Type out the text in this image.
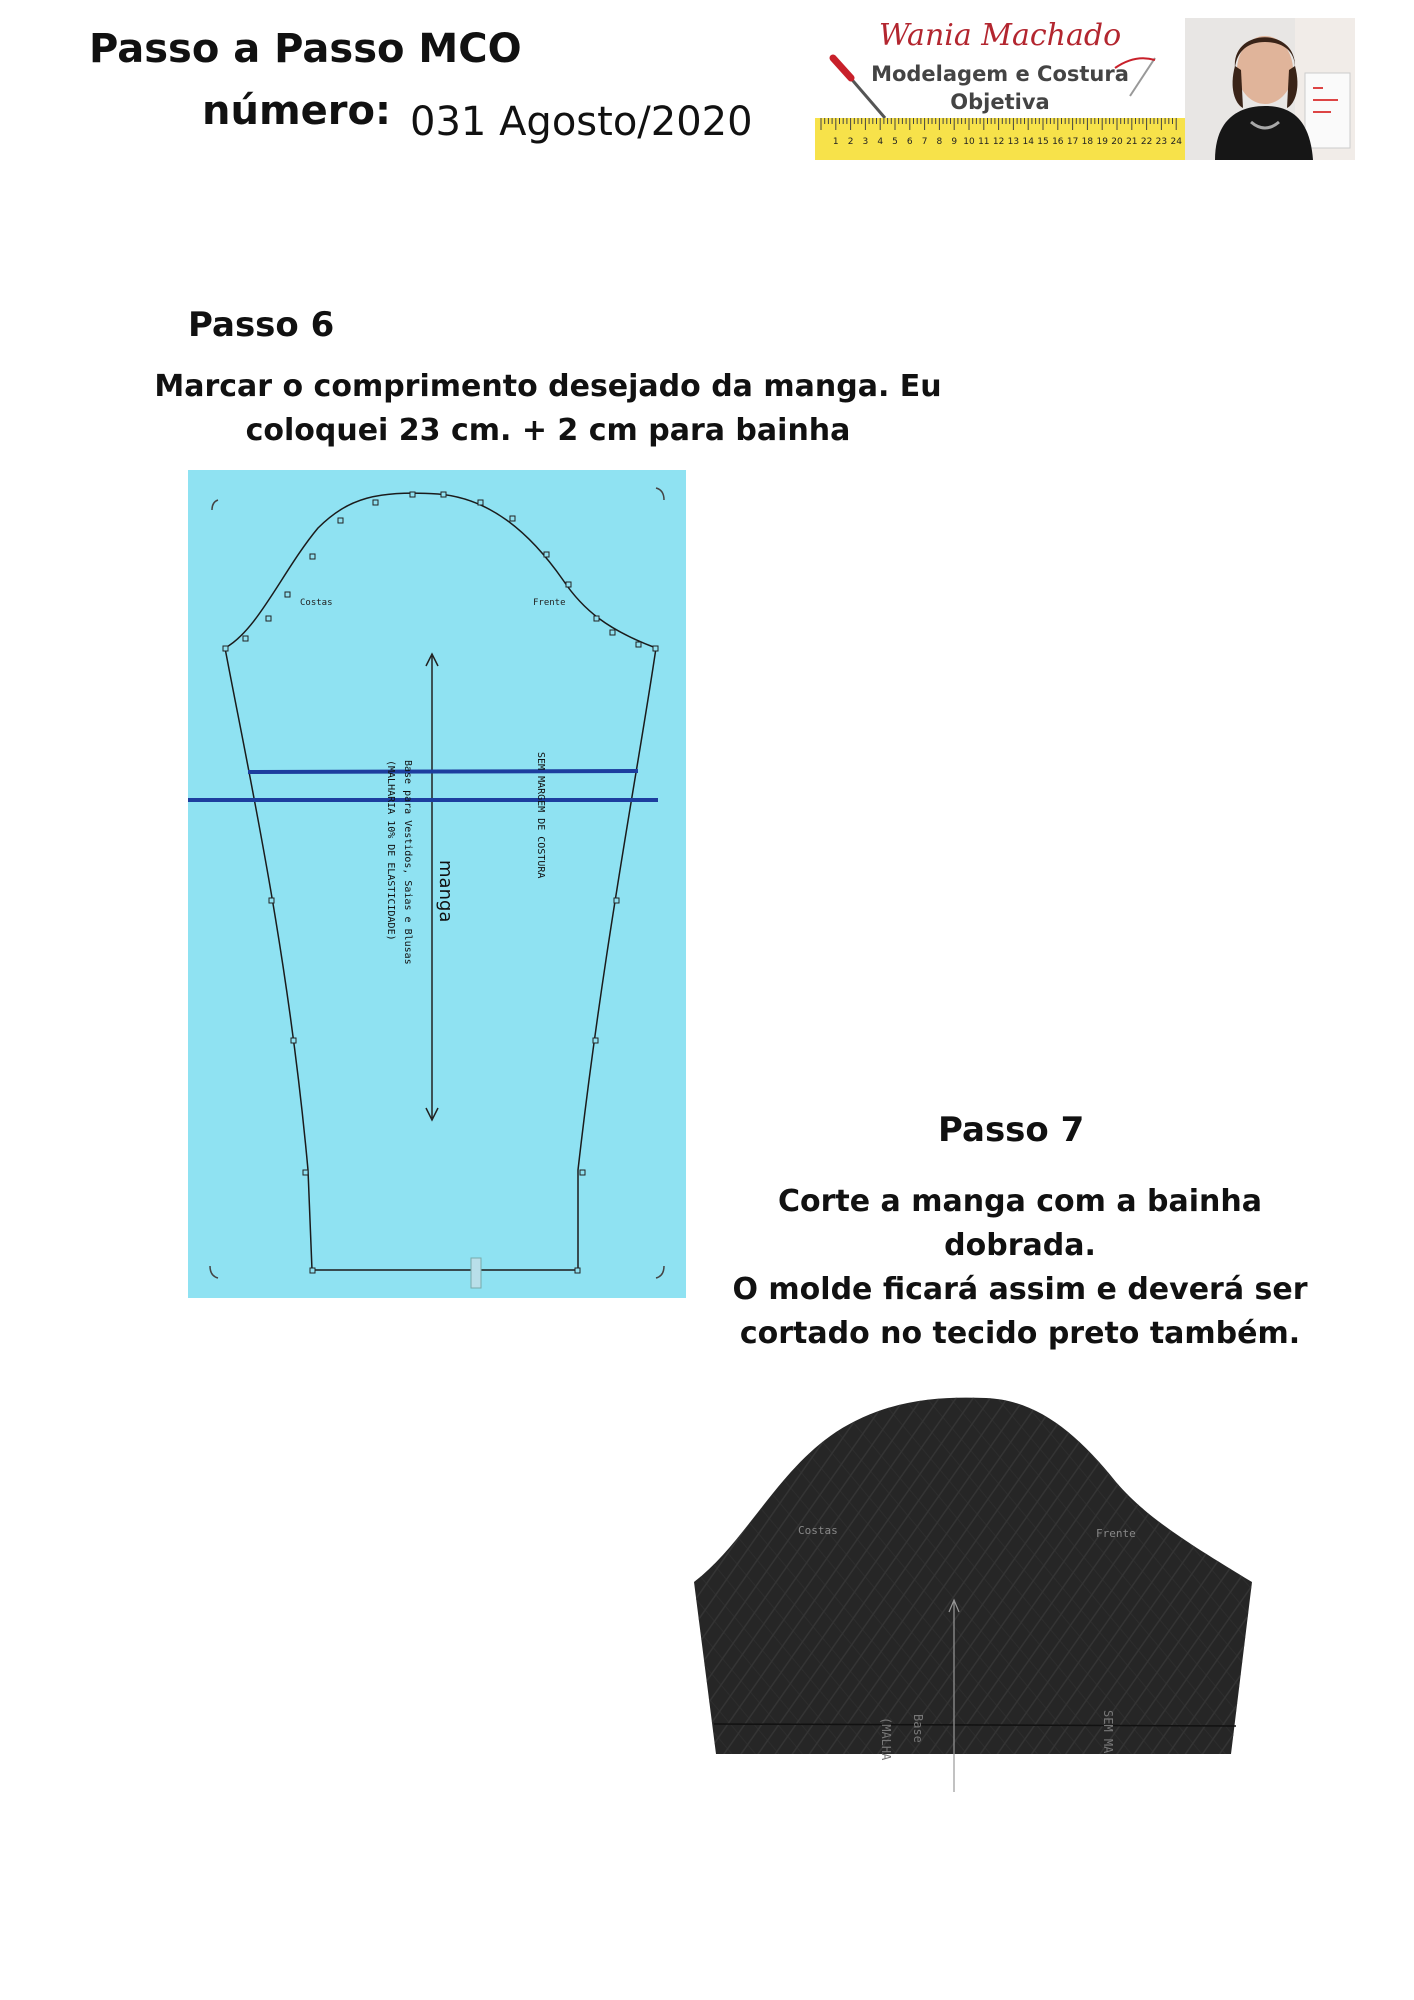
Passo a Passo MCO
número: 031 Agosto/2020
Wania Machado
Modelagem e Costura
Objetiva
1 2 3 4 5 6 7 8 9 10 11 12 13 14 15 16 17 18 19 20 21 22 23 24
Passo 6
Marcar o comprimento desejado da manga. Eu
coloquei 23 cm. + 2 cm para bainha
Costas	Frente
manga
Base para Vestidos, Saias e Blusas
(MALHARIA 10% DE ELASTICIDADE)	SEM MARGEM DE COSTURA
Passo 7
Corte a manga com a bainha
dobrada.
O molde ficará assim e deverá ser
cortado no tecido preto também.
Costas	Frente
(MALHA Base	SEM MA
